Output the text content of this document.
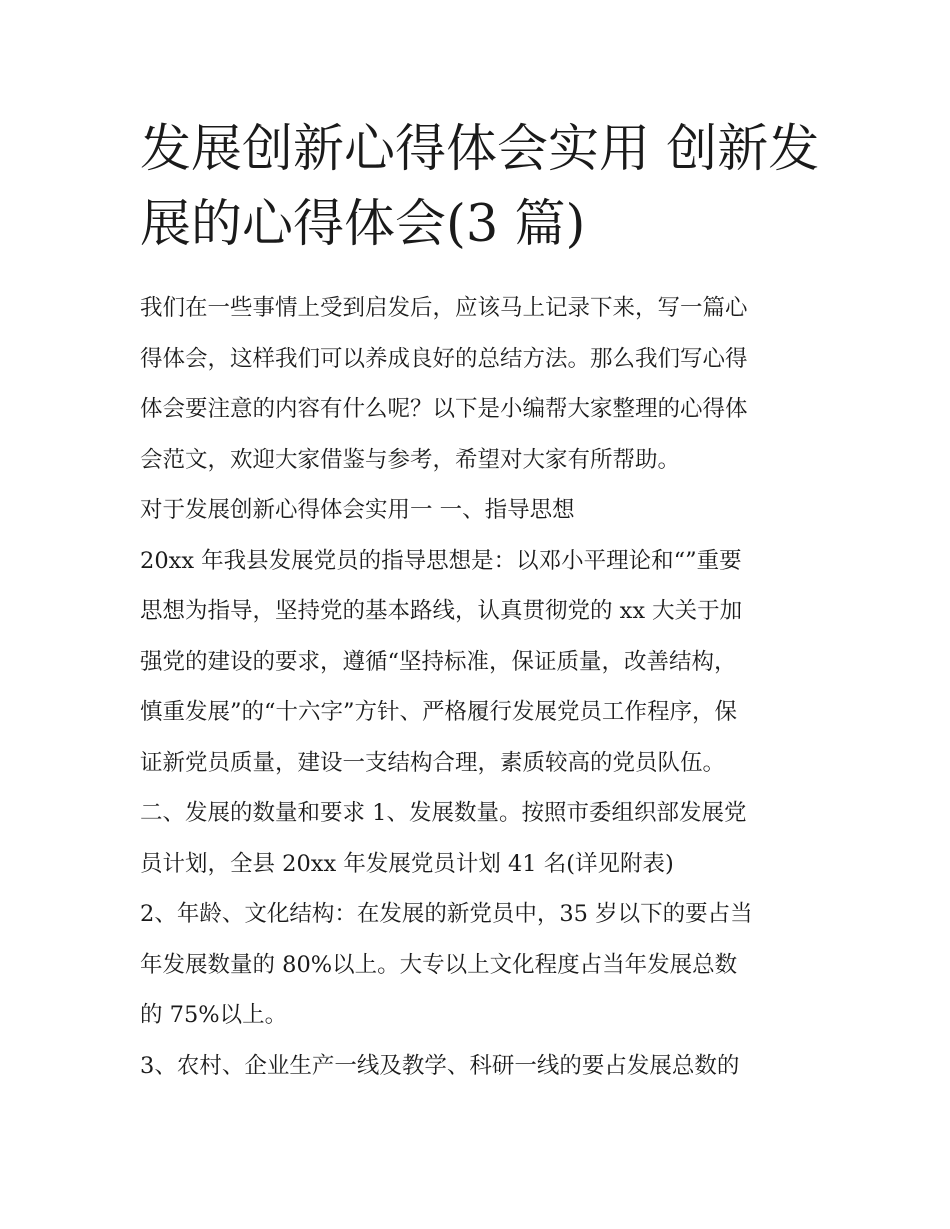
发展创新心得体会实用 创新发
展的心得体会(3 篇)

我们在一些事情上受到启发后，应该马上记录下来，写一篇心
得体会，这样我们可以养成良好的总结方法。那么我们写心得
体会要注意的内容有什么呢？以下是小编帮大家整理的心得体
会范文，欢迎大家借鉴与参考，希望对大家有所帮助。

对于发展创新心得体会实用一 一、指导思想

20xx 年我县发展党员的指导思想是：以邓小平理论和“”重要
思想为指导，坚持党的基本路线，认真贯彻党的 xx 大关于加
强党的建设的要求，遵循“坚持标准，保证质量，改善结构，
慎重发展”的“十六字”方针、严格履行发展党员工作程序，保
证新党员质量，建设一支结构合理，素质较高的党员队伍。

二、发展的数量和要求 1、发展数量。按照市委组织部发展党
员计划，全县 20xx 年发展党员计划 41 名(详见附表)

2、年龄、文化结构：在发展的新党员中，35 岁以下的要占当
年发展数量的 80%以上。大专以上文化程度占当年发展总数
的 75%以上。

3、农村、企业生产一线及教学、科研一线的要占发展总数的
